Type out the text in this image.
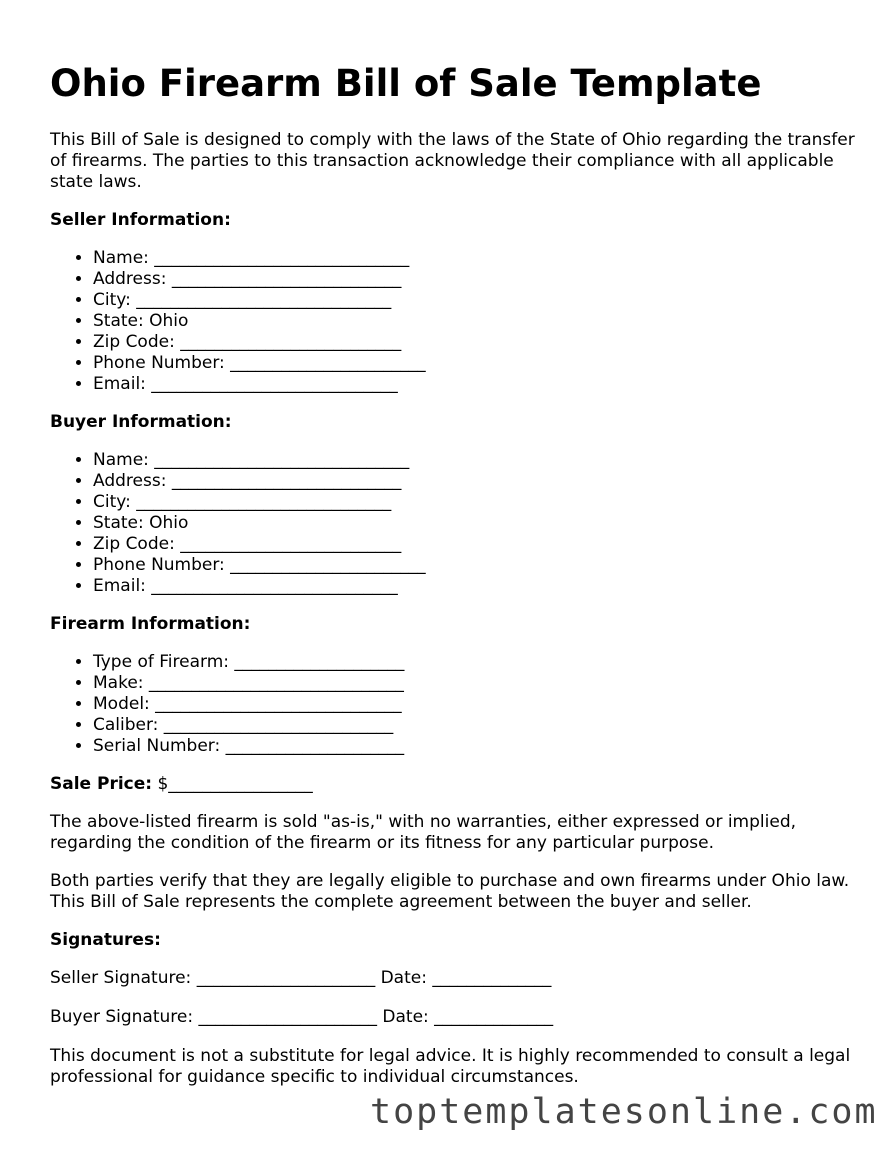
Ohio Firearm Bill of Sale Template

This Bill of Sale is designed to comply with the laws of the State of Ohio regarding the transfer of firearms. The parties to this transaction acknowledge their compliance with all applicable state laws.

Seller Information:
• Name: ______________________________
• Address: ___________________________
• City: ______________________________
• State: Ohio
• Zip Code: __________________________
• Phone Number: _______________________
• Email: _____________________________
Buyer Information:
• Name: ______________________________
• Address: ___________________________
• City: ______________________________
• State: Ohio
• Zip Code: __________________________
• Phone Number: _______________________
• Email: _____________________________
Firearm Information:
• Type of Firearm: ____________________
• Make: ______________________________
• Model: _____________________________
• Caliber: ___________________________
• Serial Number: _____________________
Sale Price: $_________________

The above-listed firearm is sold "as-is," with no warranties, either expressed or implied, regarding the condition of the firearm or its fitness for any particular purpose.

Both parties verify that they are legally eligible to purchase and own firearms under Ohio law. This Bill of Sale represents the complete agreement between the buyer and seller.

Signatures:
Seller Signature: _____________________ Date: ______________
Buyer Signature: _____________________ Date: ______________

This document is not a substitute for legal advice. It is highly recommended to consult a legal professional for guidance specific to individual circumstances.

toptemplatesonline.com
